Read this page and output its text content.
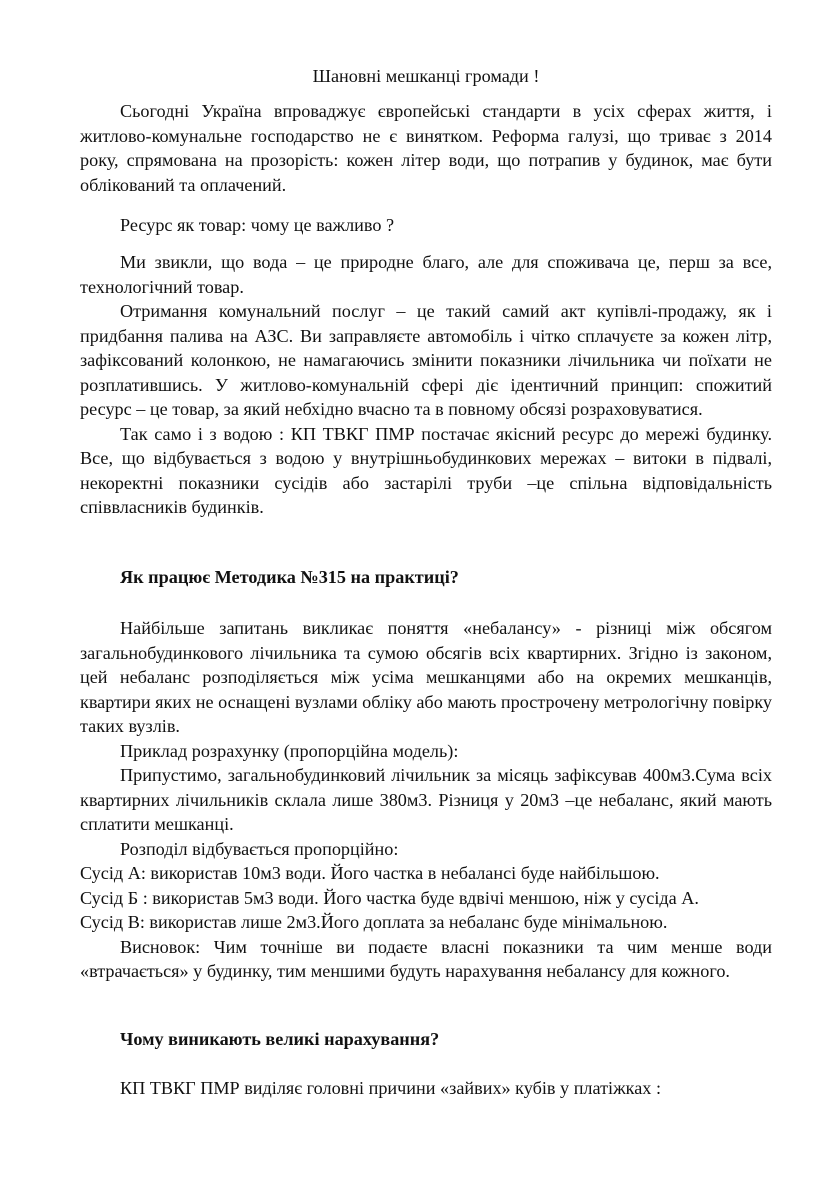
Шановні мешканці громади !

Сьогодні Україна впроваджує європейські стандарти в усіх сферах життя, і житлово-комунальне господарство не є винятком. Реформа галузі, що триває з 2014 року, спрямована на прозорість: кожен літер води, що потрапив у будинок, має бути облікований та оплачений.

Ресурс як товар: чому це важливо ?

Ми звикли, що вода – це природне благо, але для споживача це, перш за все, технологічний товар.

Отримання комунальний послуг – це такий самий акт купівлі-продажу, як і придбання палива на АЗС. Ви заправляєте автомобіль і чітко сплачуєте за кожен літр, зафіксований колонкою, не намагаючись змінити показники лічильника чи поїхати не розплатившись. У житлово-комунальній сфері діє ідентичний принцип: спожитий ресурс – це товар, за який небхідно вчасно та в повному обсязі розраховуватися.

Так само і з водою : КП ТВКГ ПМР постачає якісний ресурс до мережі будинку. Все, що відбувається з водою у внутрішньобудинкових мережах – витоки в підвалі, некоректні показники сусідів або застарілі труби –це спільна відповідальність співвласників будинків.

Як працює Методика №315 на практиці?

Найбільше запитань викликає поняття «небалансу» - різниці між обсягом загальнобудинкового лічильника та сумою обсягів всіх квартирних. Згідно із законом, цей небаланс розподіляється між усіма мешканцями або на окремих мешканців, квартири яких не оснащені вузлами обліку або мають прострочену метрологічну повірку таких вузлів.

Приклад розрахунку (пропорційна модель):

Припустимо, загальнобудинковий лічильник за місяць зафіксував 400м3.Сума всіх квартирних лічильників склала лише 380м3. Різниця у 20м3 –це небаланс, який мають сплатити мешканці.

Розподіл відбувається пропорційно:

Сусід А: використав 10м3 води. Його частка в небалансі буде найбільшою.

Сусід Б : використав 5м3 води. Його частка буде вдвічі меншою, ніж у сусіда А.

Сусід В: використав лише 2м3.Його доплата за небаланс буде мінімальною.

Висновок: Чим точніше ви подаєте власні показники та чим менше води «втрачається» у будинку, тим меншими будуть нарахування небалансу для кожного.

Чому виникають великі нарахування?

КП ТВКГ ПМР виділяє головні причини «зайвих» кубів у платіжках :
